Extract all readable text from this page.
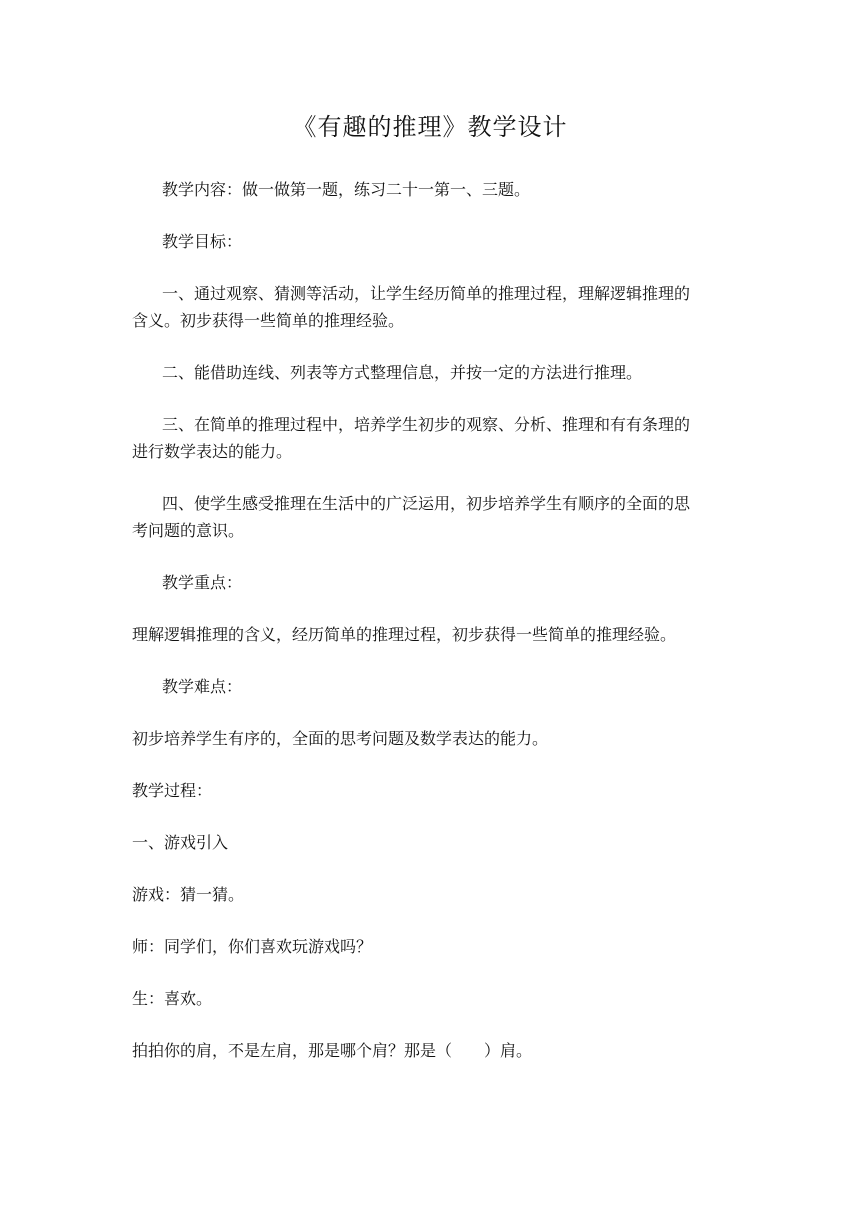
《有趣的推理》教学设计

教学内容：做一做第一题，练习二十一第一、三题。

教学目标：

一、通过观察、猜测等活动，让学生经历简单的推理过程，理解逻辑推理的
含义。初步获得一些简单的推理经验。

二、能借助连线、列表等方式整理信息，并按一定的方法进行推理。

三、在简单的推理过程中，培养学生初步的观察、分析、推理和有有条理的
进行数学表达的能力。

四、使学生感受推理在生活中的广泛运用，初步培养学生有顺序的全面的思
考问题的意识。

教学重点：

理解逻辑推理的含义，经历简单的推理过程，初步获得一些简单的推理经验。

教学难点：

初步培养学生有序的，全面的思考问题及数学表达的能力。

教学过程：

一、游戏引入

游戏：猜一猜。

师：同学们，你们喜欢玩游戏吗？

生：喜欢。

拍拍你的肩，不是左肩，那是哪个肩？那是（　　）肩。
